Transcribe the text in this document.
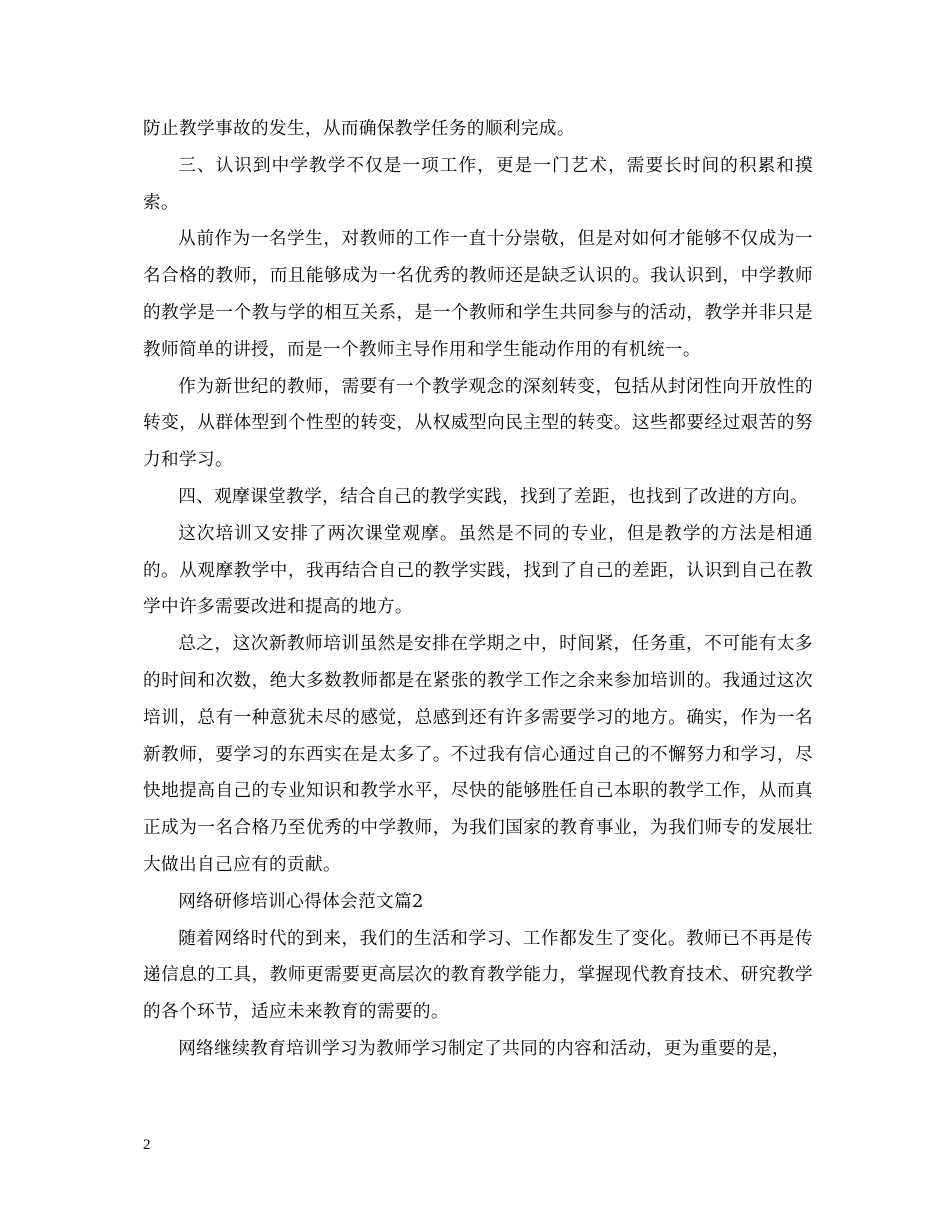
防止教学事故的发生，从而确保教学任务的顺利完成。

三、认识到中学教学不仅是一项工作，更是一门艺术，需要长时间的积累和摸索。

从前作为一名学生，对教师的工作一直十分崇敬，但是对如何才能够不仅成为一名合格的教师，而且能够成为一名优秀的教师还是缺乏认识的。我认识到，中学教师的教学是一个教与学的相互关系，是一个教师和学生共同参与的活动，教学并非只是教师简单的讲授，而是一个教师主导作用和学生能动作用的有机统一。

作为新世纪的教师，需要有一个教学观念的深刻转变，包括从封闭性向开放性的转变，从群体型到个性型的转变，从权威型向民主型的转变。这些都要经过艰苦的努力和学习。

四、观摩课堂教学，结合自己的教学实践，找到了差距，也找到了改进的方向。

这次培训又安排了两次课堂观摩。虽然是不同的专业，但是教学的方法是相通的。从观摩教学中，我再结合自己的教学实践，找到了自己的差距，认识到自己在教学中许多需要改进和提高的地方。

总之，这次新教师培训虽然是安排在学期之中，时间紧，任务重，不可能有太多的时间和次数，绝大多数教师都是在紧张的教学工作之余来参加培训的。我通过这次培训，总有一种意犹未尽的感觉，总感到还有许多需要学习的地方。确实，作为一名新教师，要学习的东西实在是太多了。不过我有信心通过自己的不懈努力和学习，尽快地提高自己的专业知识和教学水平，尽快的能够胜任自己本职的教学工作，从而真正成为一名合格乃至优秀的中学教师，为我们国家的教育事业，为我们师专的发展壮大做出自己应有的贡献。

网络研修培训心得体会范文篇2

随着网络时代的到来，我们的生活和学习、工作都发生了变化。教师已不再是传递信息的工具，教师更需要更高层次的教育教学能力，掌握现代教育技术、研究教学的各个环节，适应未来教育的需要的。

网络继续教育培训学习为教师学习制定了共同的内容和活动，更为重要的是，

2
